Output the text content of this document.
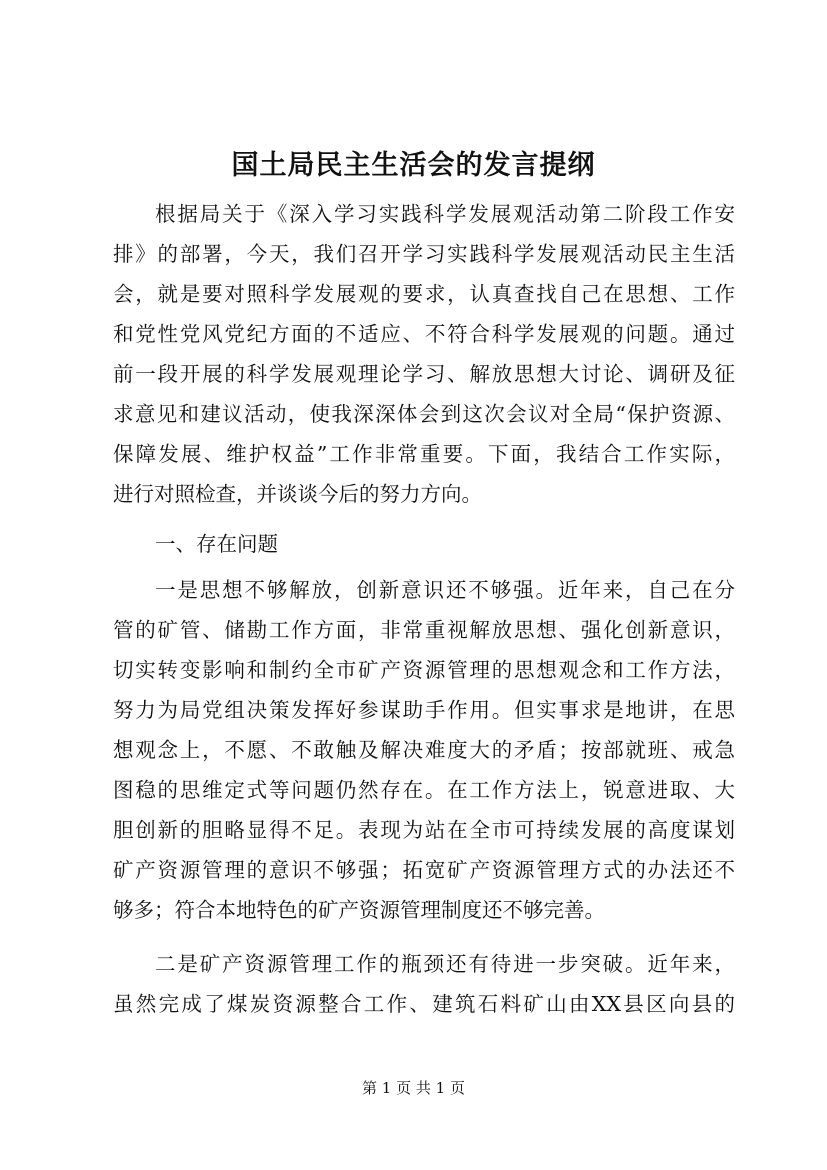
国土局民主生活会的发言提纲
根据局关于《深入学习实践科学发展观活动第二阶段工作安
排》的部署，今天，我们召开学习实践科学发展观活动民主生活
会，就是要对照科学发展观的要求，认真查找自己在思想、工作
和党性党风党纪方面的不适应、不符合科学发展观的问题。通过
前一段开展的科学发展观理论学习、解放思想大讨论、调研及征
求意见和建议活动，使我深深体会到这次会议对全局“保护资源、
保障发展、维护权益”工作非常重要。下面，我结合工作实际，
进行对照检查，并谈谈今后的努力方向。
一、存在问题
一是思想不够解放，创新意识还不够强。近年来，自己在分
管的矿管、储勘工作方面，非常重视解放思想、强化创新意识，
切实转变影响和制约全市矿产资源管理的思想观念和工作方法，
努力为局党组决策发挥好参谋助手作用。但实事求是地讲，在思
想观念上，不愿、不敢触及解决难度大的矛盾；按部就班、戒急
图稳的思维定式等问题仍然存在。在工作方法上，锐意进取、大
胆创新的胆略显得不足。表现为站在全市可持续发展的高度谋划
矿产资源管理的意识不够强；拓宽矿产资源管理方式的办法还不
够多；符合本地特色的矿产资源管理制度还不够完善。
二是矿产资源管理工作的瓶颈还有待进一步突破。近年来，
虽然完成了煤炭资源整合工作、建筑石料矿山由XX县区向县的
第 1 页 共 1 页
